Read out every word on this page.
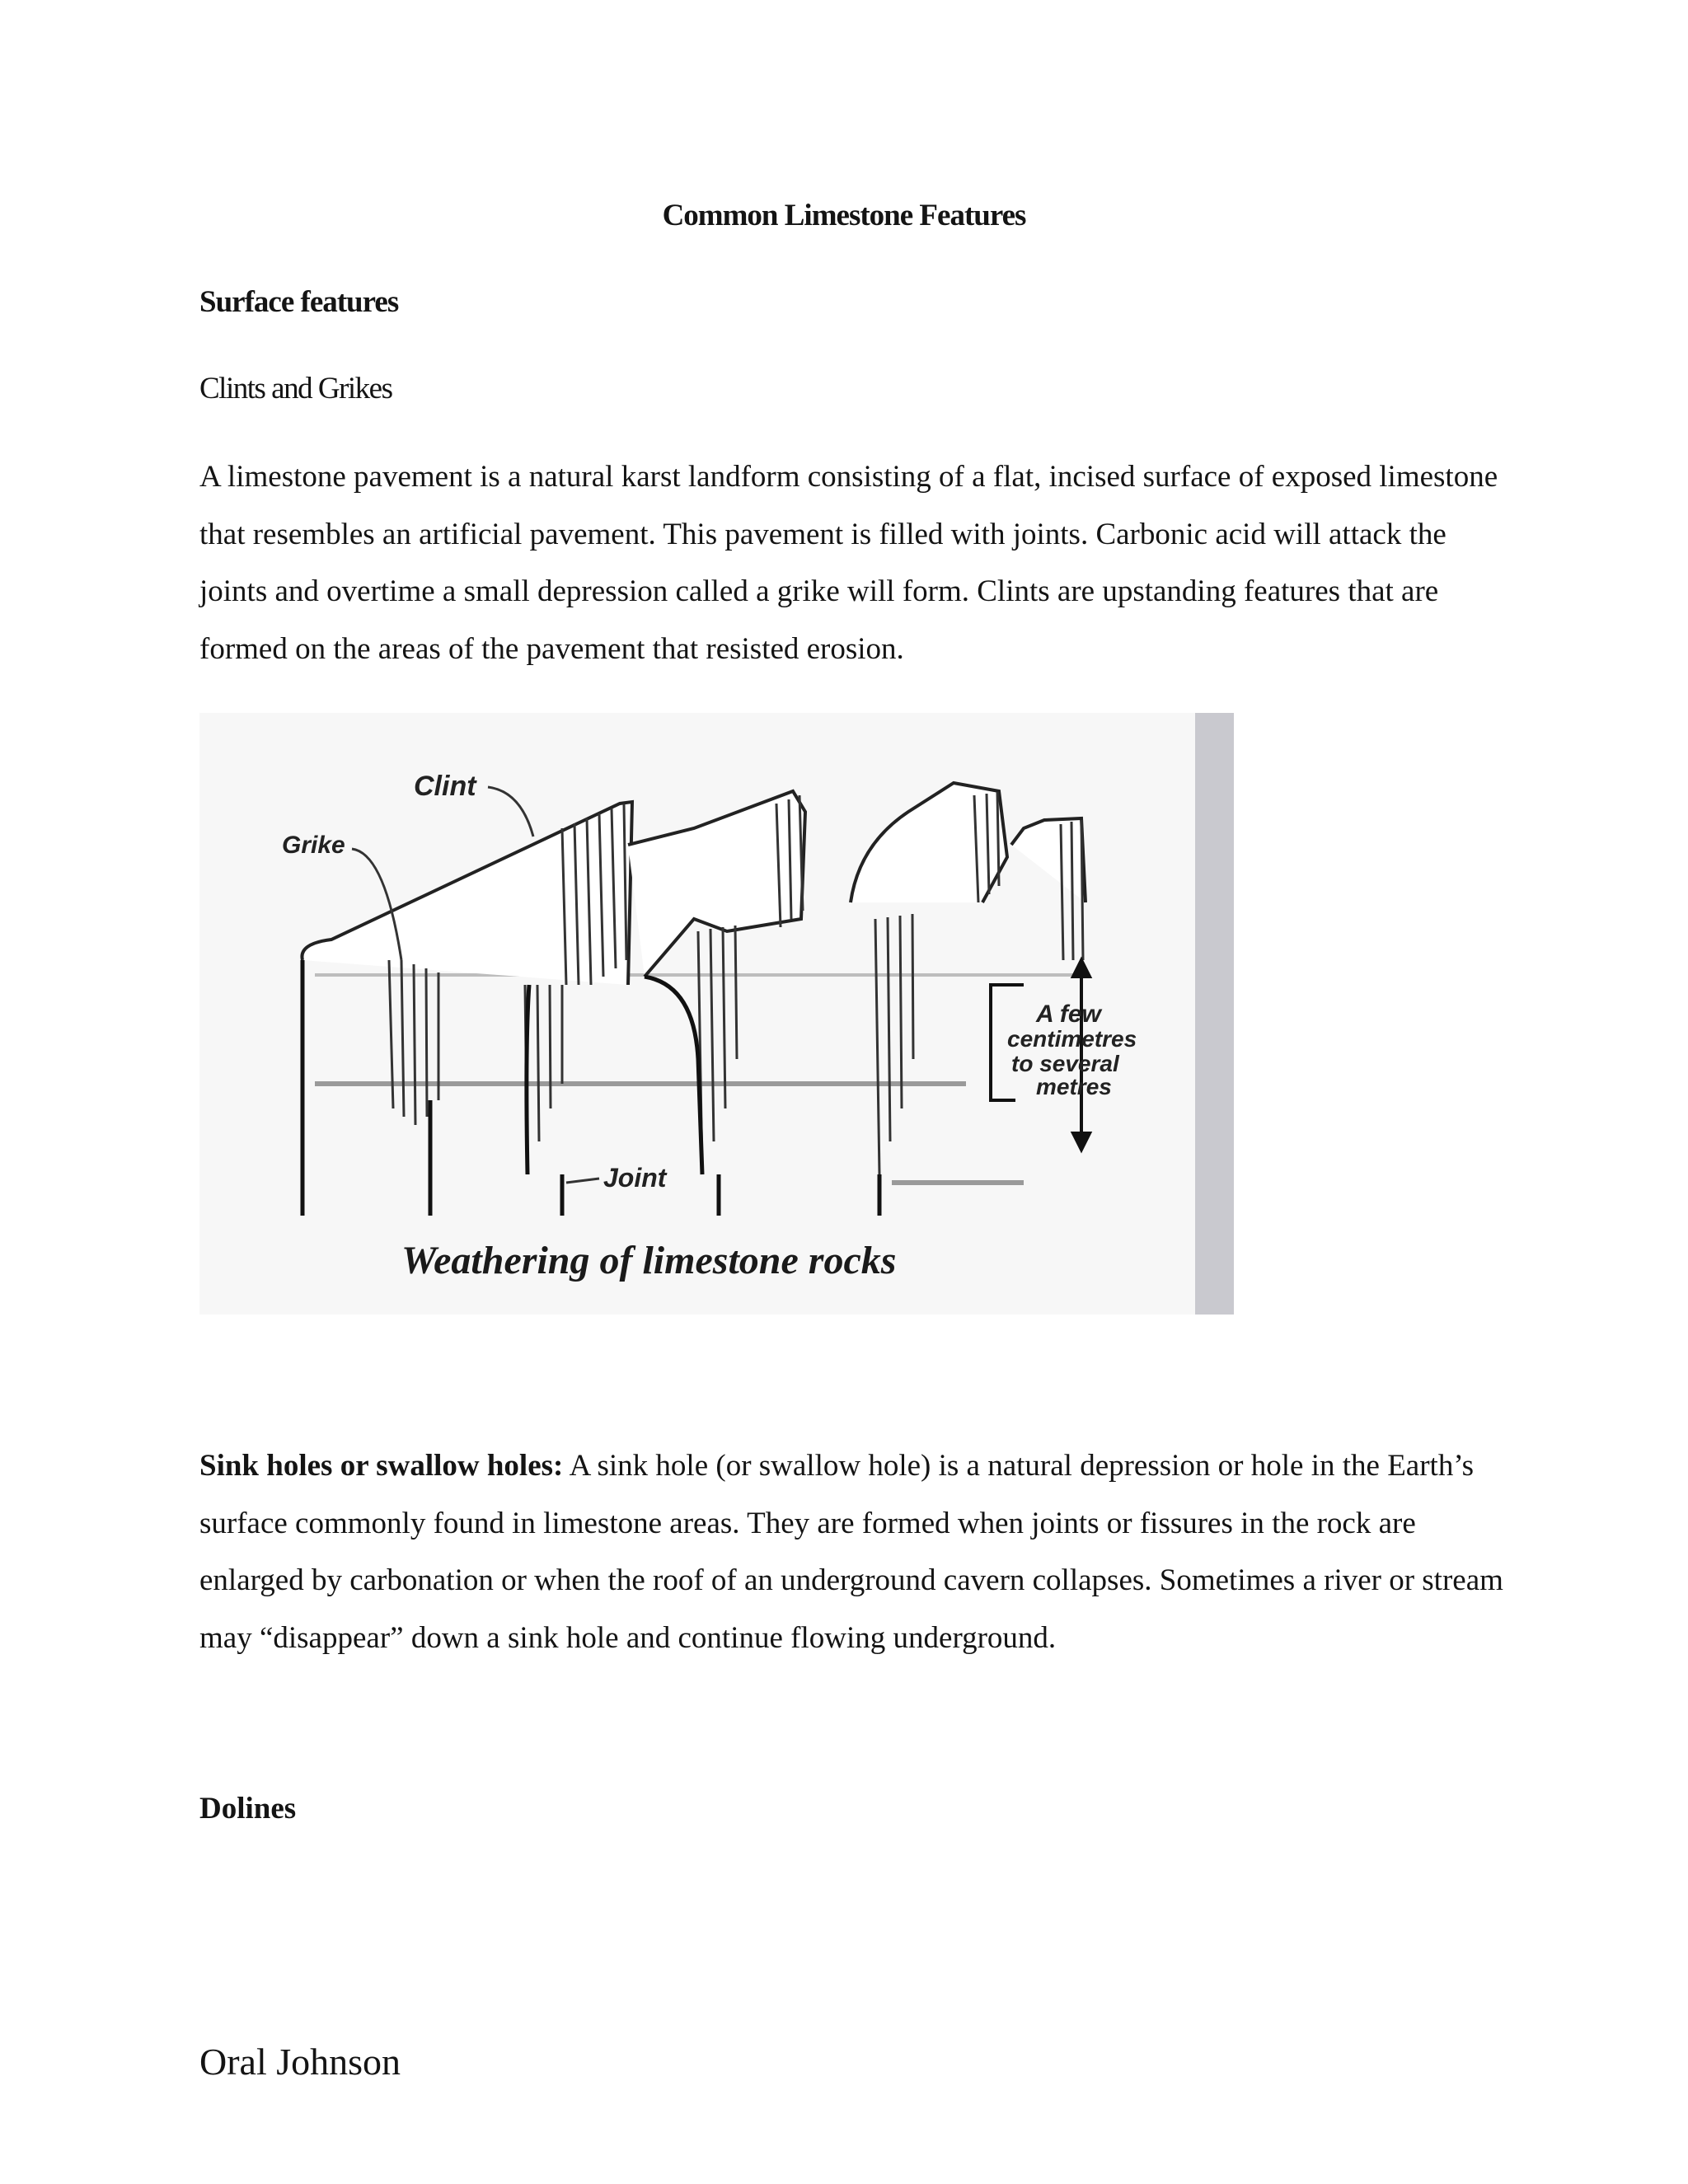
Common Limestone Features
Surface features
Clints and Grikes

A limestone pavement is a natural karst landform consisting of a flat, incised surface of exposed limestone that resembles an artificial pavement. This pavement is filled with joints. Carbonic acid will attack the joints and overtime a small depression called a grike will form. Clints are upstanding features that are formed on the areas of the pavement that resisted erosion.

Clint
Grike
Joint
A few
centimetres
to several
metres
Weathering of limestone rocks

Sink holes or swallow holes: A sink hole (or swallow hole) is a natural depression or hole in the Earth’s surface commonly found in limestone areas. They are formed when joints or fissures in the rock are enlarged by carbonation or when the roof of an underground cavern collapses. Sometimes a river or stream may “disappear” down a sink hole and continue flowing underground.

Dolines
Oral Johnson
